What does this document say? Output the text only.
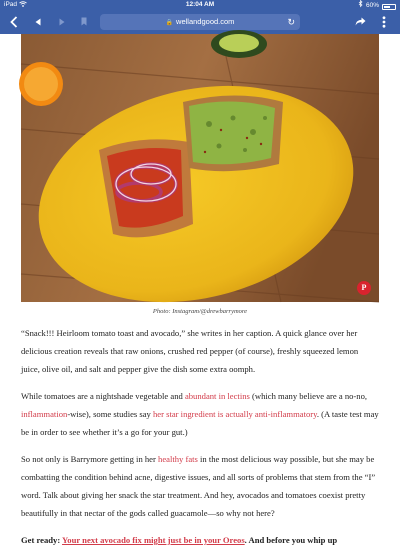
iPad	12:04 AM	60%
🔒 wellandgood.com	↻
P
Photo: Instagram/@drewbarrymore

“Snack!!! Heirloom tomato toast and avocado,” she writes in her caption. A quick glance over her delicious creation reveals that raw onions, crushed red pepper (of course), freshly squeezed lemon juice, olive oil, and salt and pepper give the dish some extra oomph.

While tomatoes are a nightshade vegetable and abundant in lectins (which many believe are a no-no, inflammation-wise), some studies say her star ingredient is actually anti-inflammatory. (A taste test may be in order to see whether it’s a go for your gut.)

So not only is Barrymore getting in her healthy fats in the most delicious way possible, but she may be combatting the condition behind acne, digestive issues, and all sorts of problems that stem from the “I” word. Talk about giving her snack the star treatment. And hey, avocados and tomatoes coexist pretty beautifully in that nectar of the gods called guacamole—so why not here?

Get ready: Your next avocado fix might just be in your Oreos. And before you whip up
